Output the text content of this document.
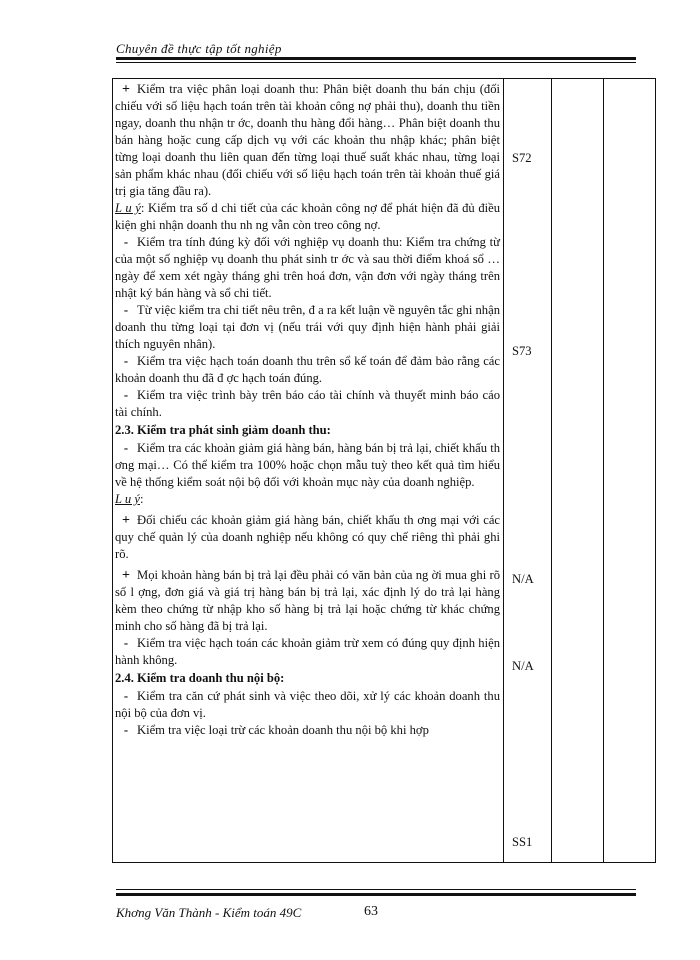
Chuyên đề thực tập tốt nghiệp

+ Kiểm tra việc phân loại doanh thu: Phân biệt doanh thu bán chịu (đối chiếu với số liệu hạch toán trên tài khoản công nợ phải thu), doanh thu tiền ngay, doanh thu nhận tr ớc, doanh thu hàng đổi hàng… Phân biệt doanh thu bán hàng hoặc cung cấp dịch vụ với các khoản thu nhập khác; phân biệt từng loại doanh thu liên quan đến từng loại thuế suất khác nhau, từng loại sản phẩm khác nhau (đối chiếu với số liệu hạch toán trên tài khoản thuế giá trị gia tăng đầu ra).

L u ý: Kiểm tra số d chi tiết của các khoản công nợ để phát hiện đã đủ điều kiện ghi nhận doanh thu nh ng vẫn còn treo công nợ.

- Kiểm tra tính đúng kỳ đối với nghiệp vụ doanh thu: Kiểm tra chứng từ của một số nghiệp vụ doanh thu phát sinh tr ớc và sau thời điểm khoá sổ … ngày để xem xét ngày tháng ghi trên hoá đơn, vận đơn với ngày tháng trên nhật ký bán hàng và sổ chi tiết.

- Từ việc kiểm tra chi tiết nêu trên, đ a ra kết luận về nguyên tắc ghi nhận doanh thu từng loại tại đơn vị (nếu trái với quy định hiện hành phải giải thích nguyên nhân).

- Kiểm tra việc hạch toán doanh thu trên sổ kế toán để đảm bảo rằng các khoản doanh thu đã đ ợc hạch toán đúng.

- Kiểm tra việc trình bày trên báo cáo tài chính và thuyết minh báo cáo tài chính.

2.3. Kiểm tra phát sinh giảm doanh thu:

- Kiểm tra các khoản giảm giá hàng bán, hàng bán bị trả lại, chiết khấu th ơng mại… Có thể kiểm tra 100% hoặc chọn mẫu tuỳ theo kết quả tìm hiểu về hệ thống kiểm soát nội bộ đối với khoản mục này của doanh nghiệp.

L u ý:

+ Đối chiếu các khoản giảm giá hàng bán, chiết khấu th ơng mại với các quy chế quản lý của doanh nghiệp nếu không có quy chế riêng thì phải ghi rõ.

+ Mọi khoản hàng bán bị trả lại đều phải có văn bản của ng ời mua ghi rõ số l ợng, đơn giá và giá trị hàng bán bị trả lại, xác định lý do trả lại hàng kèm theo chứng từ nhập kho số hàng bị trả lại hoặc chứng từ khác chứng minh cho số hàng đã bị trả lại.

- Kiểm tra việc hạch toán các khoản giảm trừ xem có đúng quy định hiện hành không.

2.4. Kiểm tra doanh thu nội bộ:

- Kiểm tra căn cứ phát sinh và việc theo dõi, xử lý các khoản doanh thu nội bộ của đơn vị.

- Kiểm tra việc loại trừ các khoản doanh thu nội bộ khi hợp

S72
S73
N/A
N/A
SS1
Khơng Văn Thành - Kiểm toán 49C	63
